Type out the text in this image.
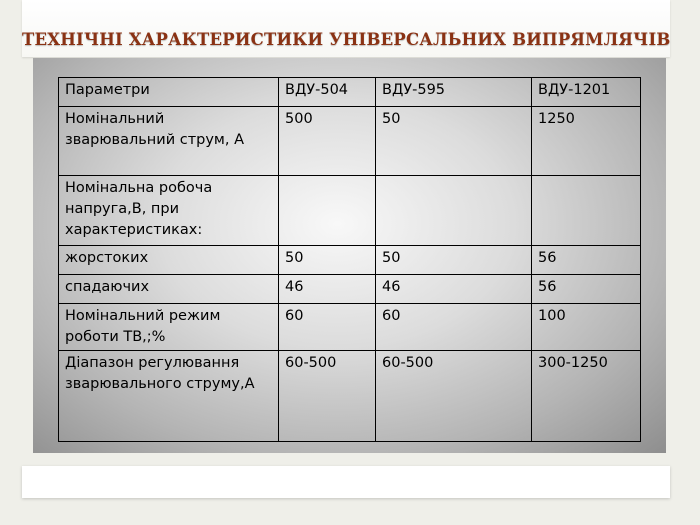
ТЕХНІЧНІ ХАРАКТЕРИСТИКИ УНІВЕРСАЛЬНИХ ВИПРЯМЛЯЧІВ
Параметри	ВДУ-504	ВДУ-595	ВДУ-1201
Номінальний зварювальний струм, А	500	50	1250
Номінальна робоча напруга,В, при характеристиках:			
жорстоких	50	50	56
спадаючих	46	46	56
Номінальний режим роботи ТВ,;%	60	60	100
Діапазон регулювання зварювального струму,А	60-500	60-500	300-1250
